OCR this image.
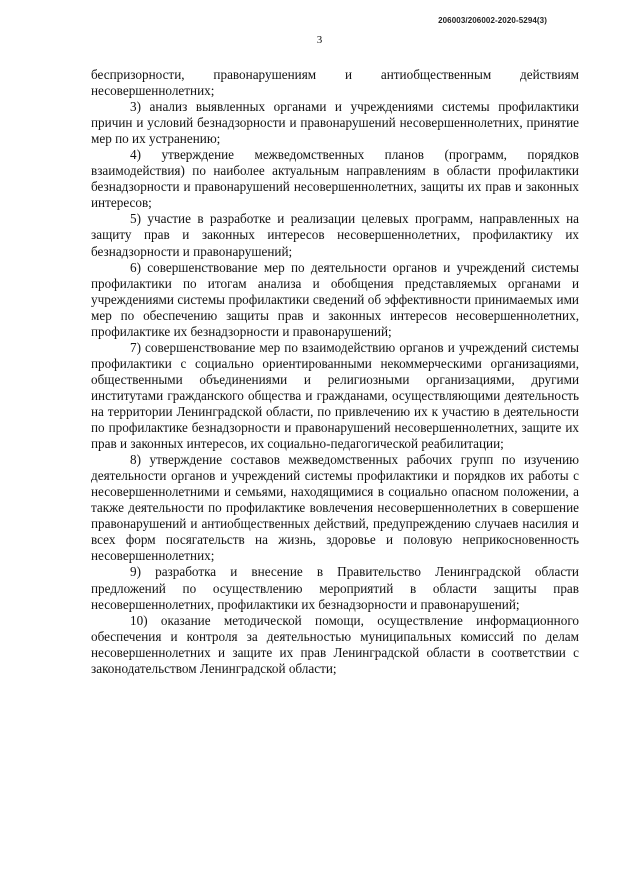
206003/206002-2020-5294(3)
3

беспризорности, правонарушениям и антиобщественным действиям несовершеннолетних;

3) анализ выявленных органами и учреждениями системы профилактики причин и условий безнадзорности и правонарушений несовершеннолетних, принятие мер по их устранению;

4) утверждение межведомственных планов (программ, порядков взаимодействия) по наиболее актуальным направлениям в области профилактики безнадзорности и правонарушений несовершеннолетних, защиты их прав и законных интересов;

5) участие в разработке и реализации целевых программ, направленных на защиту прав и законных интересов несовершеннолетних, профилактику их безнадзорности и правонарушений;

6) совершенствование мер по деятельности органов и учреждений системы профилактики по итогам анализа и обобщения представляемых органами и учреждениями системы профилактики сведений об эффективности принимаемых ими мер по обеспечению защиты прав и законных интересов несовершеннолетних, профилактике их безнадзорности и правонарушений;

7) совершенствование мер по взаимодействию органов и учреждений системы профилактики с социально ориентированными некоммерческими организациями, общественными объединениями и религиозными организациями, другими институтами гражданского общества и гражданами, осуществляющими деятельность на территории Ленинградской области, по привлечению их к участию в деятельности по профилактике безнадзорности и правонарушений несовершеннолетних, защите их прав и законных интересов, их социально-педагогической реабилитации;

8) утверждение составов межведомственных рабочих групп по изучению деятельности органов и учреждений системы профилактики и порядков их работы с несовершеннолетними и семьями, находящимися в социально опасном положении, а также деятельности по профилактике вовлечения несовершеннолетних в совершение правонарушений и антиобщественных действий, предупреждению случаев насилия и всех форм посягательств на жизнь, здоровье и половую неприкосновенность несовершеннолетних;

9) разработка и внесение в Правительство Ленинградской области предложений по осуществлению мероприятий в области защиты прав несовершеннолетних, профилактики их безнадзорности и правонарушений;

10) оказание методической помощи, осуществление информационного обеспечения и контроля за деятельностью муниципальных комиссий по делам несовершеннолетних и защите их прав Ленинградской области в соответствии с законодательством Ленинградской области;
